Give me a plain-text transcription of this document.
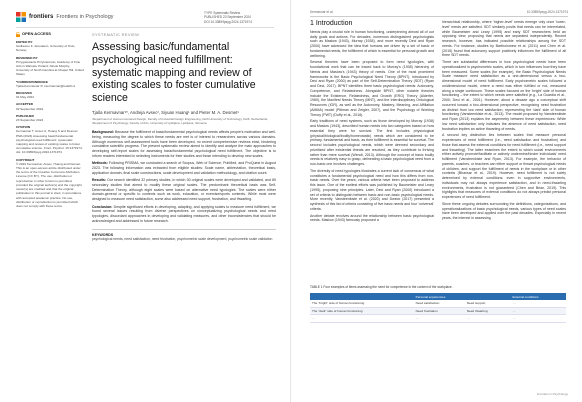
frontiers Frontiers in Psychology
TYPE Systematic Review
PUBLISHED 23 September 2024
DOI 10.3389/fpsyg.2024.1371974
OPEN ACCESS
EDITED BY
Guillaume F. Jerusalem, University of Oslo, Norway
REVIEWED BY
Przygotowanie Przyinternetu, Academy of Fine Arts in Warsaw, Poland; Nicole Murphy, University of North Carolina at Chapel Hill, United States
*CORRESPONDENCE
Tjaša Kermavnar ✉ t.kermavnar@tudelft.nl
RECEIVED
01 May 2024
ACCEPTED
02 September 2024
PUBLISHED
23 September 2024
CITATION
Kermavnar T, Avsec A, Huang S and Desmet PMA (2024) Assessing basic/fundamental psychological need fulfillment: systematic mapping and review of existing scales to foster cumulative science. Front. Psychol. 15:1371974. doi: 10.3389/fpsyg.2024.1371974
COPYRIGHT
© 2024 Kermavnar, Avsec, Huang and Desmet. This is an open-access article distributed under the terms of the Creative Commons Attribution License (CC BY). The use, distribution or reproduction in other forums is permitted, provided the original author(s) and the copyright owner(s) are credited and that the original publication in this journal is cited, in accordance with accepted academic practice. No use, distribution or reproduction is permitted which does not comply with these terms.
SYSTEMATIC REVIEW
Assessing basic/fundamental psychological need fulfillment: systematic mapping and review of existing scales to foster cumulative science
Tjaša Kermavnar¹*, Andreja Avsec², Siyuan Huang¹ and Pieter M. A. Desmet¹
¹Department of Human-Centered Design, Faculty of Industrial Design Engineering, Delft University of Technology, Delft, Netherlands, ²Department of Psychology, Faculty of Arts, University of Ljubljana, Ljubljana, Slovenia
Background: Because the fulfillment of basic/fundamental psychological needs affects people's motivation and well-being, measuring the degree to which these needs are met is of interest to researchers across various domains. Although numerous self-assessment tools have been developed, no recent comprehensive reviews exist, hindering cumulative scientific progress. The present systematic review aimed to identify and analyze the main approaches to developing self-report scales for assessing basic/fundamental psychological need fulfillment. The objective is to inform readers interested in selecting instruments for their studies and those intending to develop new scales.
Methods: Following PRISMA, we conducted a search of Scopus, Web of Science, PubMed, and ProQuest in August 2023. The following information was extracted from eligible studies: Scale name, abbreviation, theoretical basis, application domain, final scale constructions, scale development and validation methodology, and citation count.
Results: Our search identified 32 primary studies, in which 30 original scales were developed and validated, and 89 secondary studies that aimed to modify these original scales. The predominant theoretical basis was Self-Determination Theory, although eight scales were based on alternative need typologies. The scales were either domain-general or specific to contexts such as work, education, or exercise/sports contexts. While most were designed to measure need satisfaction, some also addressed need support, frustration, and thwarting.
Conclusion: Despite significant efforts in developing, adapting, and applying scales to measure need fulfillment, we found several issues resulting from diverse perspectives on conceptualizing psychological needs and need typologies, discordant approaches in developing and validating measures, and other inconsistencies that should be acknowledged and addressed in future research.
KEYWORDS
psychological needs, need satisfaction, need frustration, psychometric scale development, psychometric scale validation
Kermavnar et al.	10.3389/fpsyg.2024.1371974
1 Introduction

Needs play a crucial role in human functioning, underpinning almost all of our daily goals and actions. For decades, numerous distinguished psychologists such as Maslow (1943), Murray (1938), and more recently Deci and Ryan (2000) have advanced the idea that humans are driven by a set of basic or fundamental needs, the fulfillment of which is essential for personal growth and wellbeing.

Several theories have been proposed to form need typologies, with foundational work that can be traced back to Murray's (1938) hierarchy of Needs and Maslow's (1943) theory of needs. One of the most prominent frameworks is the Basic Psychological Need Theory (BPNT), introduced by Deci and Ryan (2000) as part of the Self-Determination Theory (SDT) (Ryan and Deci, 2017). BPNT identifies three basic psychological needs: Autonomy, Competence, and Relatedness. Alongside BPNT, other notable theories include the Existence, Relatedness, and Growth (ERG) Theory (Alderfer, 1969), the Manifest Needs Theory (MNT), and the Interdisciplinary Ontological Resources (IOR), as well as the Autonomy, Mastery, Meaning, and Affiliation (AMMA) model (Pittman and Zeigler, 2007), and the Psychology of Working Theory (PWT) (Duffy et al., 2016).

Early traditions of need systems, such as those developed by Murray (1938) and Maslow (1943), described human needs into two categories based on how essential they were for survival. The first includes physiological (physical/biological/bodily/homeostatic) needs which are considered to be primary, fundamental and basic, as their fulfillment is essential for survival. The second includes psychological needs, which were deemed secondary and prioritized after existential threats are resolved, as they contribute to thriving rather than mere survival (Wendt, 2013). Although the concept of basic bodily needs is relatively easy to grasp, delineating a basic psychological need from a non-basic one involves challenges.

The diversity of need typologies illustrates a current lack of consensus of what constitutes a fundamental psychological need and how this differs from non-basic needs. Over the years, various criteria have been proposed to address this issue. One of the earliest efforts was published by Baumeister and Leary (1995), proposing nine principles. Later, Deci and Ryan (2000) introduced a set of criteria to distinguish between basic and non-basic psychological needs. More recently, Vansteenkiste et al. (2020) and Dweck (2017) presented a synthesis of this list of criteria consisting of five basic needs and four ‘universal’ criteria.

Another debate revolves around the relationship between basic psychological needs. Maslow (1943) famously proposed a

hierarchical relationship, where ‘higher-level’ needs emerge only once ‘lower-level’ needs are satisfied. SDT similarly posits that needs can be interrelated, while Baumeister and Leary (1995) and early SDT researchers held an opposing view, proposing that needs are separated independently. Recent research, however, has indicated possible relationships among the SDT needs. For instance, studies by Bartholomew et al. (2011) and Chen et al. (2015) found that autonomy support positively influences the fulfillment of all three SDT needs.

There are substantial differences in how psychological needs have been operationalized in psychometric scales, which in turn influences how they have been measured. Some scales (for example), the Basic Psychological Needs Scale measure need satisfaction as a one-dimensional versus a two-dimensional model of need fulfillment. Early psychometric scales followed a unidimensional model, where a need was either fulfilled or not, measured along a single continuum. These scales focused on the ‘bright’ side of human functioning – the extent to which needs were satisfied (e.g., La Guardia et al., 2000; Deci et al., 2001). However, about a decade ago a conceptual shift occurred toward a two-dimensional perspective, recognizing need frustration as distinct from low need satisfaction, representing the ‘dark’ side of human functioning (Vansteenkiste et al., 2013). The model proposed by Vansteenkiste and Ryan (2013) explains the asymmetry between these experiences: While low need satisfaction only indicates the absence of need satisfaction, need frustration implies an active thwarting of needs.

A second key distinction lies between scales that measure personal experiences of need fulfillment (i.e., need satisfaction and frustration) and those that assess the external conditions for need fulfillment (i.e., need support and thwarting). The latter examines the extent to which social environments either actively promote/facilitate or actively undermine/hinder individuals' need fulfillment (Vansteenkiste and Ryan, 2013). For example, the behavior of parents, coaches, or teachers can either support or thwart psychological needs of children, and support the fulfillment of needs in the workplace or in other contexts (Bhavsar et al., 2019). However, need fulfillment is not solely determined by external conditions; even in supportive environments, individuals may not always experience satisfaction, and in need-thwarting environments, frustration is not guaranteed (Chen and Brian, 2019). This highlights that measures of external conditions do not always predict personal experiences of need fulfillment.

Since these ongoing debates surrounding the definitions, categorizations, and operationalizations of basic psychological needs, various types of need scales have been developed and applied over the past decades. Especially in recent years, the interest in assessing

TABLE 1 Four examples of items assessing the need for competence in the context of the workplace.
	Personal experiences		External conditions
The "bright" side of human functioning	Need satisfaction	Need support	…
The "dark" side of human functioning	Need frustration	Need thwarting	…
…	…	…	…
Frontiers in Psychology
